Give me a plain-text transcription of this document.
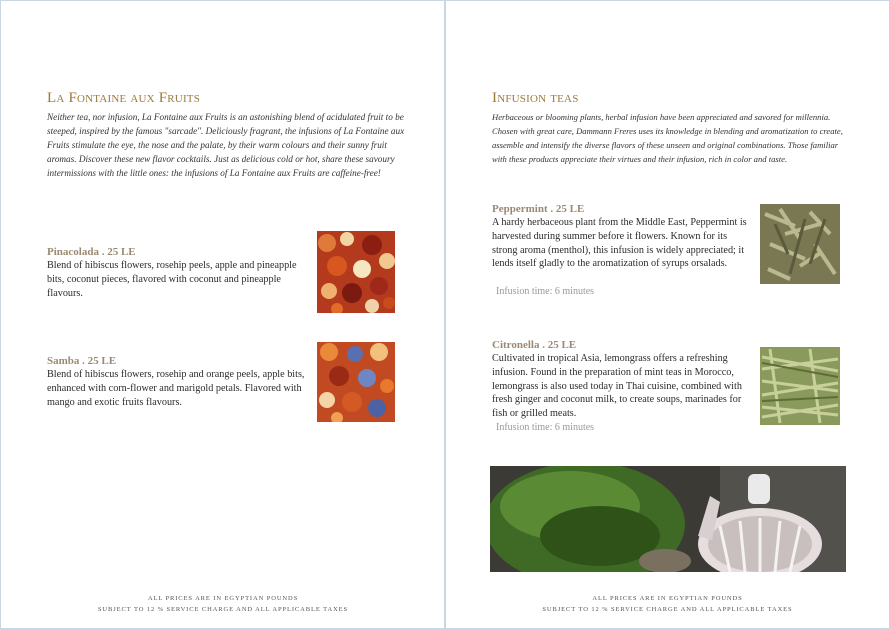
La Fontaine aux Fruits

Neither tea, nor infusion, La Fontaine aux Fruits is an astonishing blend of acidulated fruit to be steeped, inspired by the famous "sarcade". Deliciously fragrant, the infusions of La Fontaine aux Fruits stimulate the eye, the nose and the palate, by their warm colours and their sunny fruit aromas. Discover these new flavor cocktails. Just as delicious cold or hot, share these savoury intermissions with the little ones: the infusions of La Fontaine aux Fruits are caffeine-free!

Pinacolada . 25 LE

Blend of hibiscus flowers, rosehip peels, apple and pineapple bits, coconut pieces, flavored with coconut and pineapple flavours.

Samba . 25 LE

Blend of hibiscus flowers, rosehip and orange peels, apple bits, enhanced with corn-flower and marigold petals. Flavored with mango and exotic fruits flavours.

ALL PRICES ARE IN EGYPTIAN POUNDS
SUBJECT TO 12 % SERVICE CHARGE AND ALL APPLICABLE TAXES
Infusion teas

Herbaceous or blooming plants, herbal infusion have been appreciated and savored for millennia. Chosen with great care, Dammann Freres uses its knowledge in blending and aromatization to create, assemble and intensify the diverse flavors of these unseen and original combinations. Those familiar with these products appreciate their virtues and their infusion, rich in color and taste.

Peppermint . 25 LE

A hardy herbaceous plant from the Middle East, Peppermint is harvested during summer before it flowers. Known for its strong aroma (menthol), this infusion is widely appreciated; it lends itself gladly to the aromatization of syrups orsalads.

Infusion time: 6 minutes

Citronella . 25 LE

Cultivated in tropical Asia, lemongrass offers a refreshing infusion. Found in the preparation of mint teas in Morocco, lemongrass is also used today in Thai cuisine, combined with fresh ginger and coconut milk, to create soups, marinades for fish or grilled meats.

Infusion time: 6 minutes

ALL PRICES ARE IN EGYPTIAN POUNDS
SUBJECT TO 12 % SERVICE CHARGE AND ALL APPLICABLE TAXES
